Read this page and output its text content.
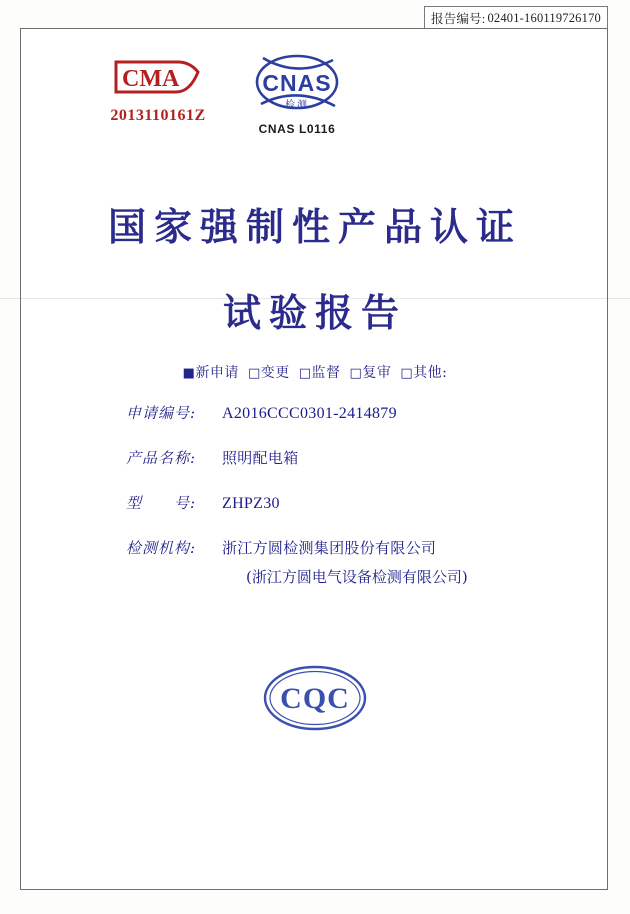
报告编号: 02401-160119726170
CMA
2013110161Z
CNAS
检测
CNAS L0116
国家强制性产品认证
试验报告
■新申请 □变更 □监督 □复审 □其他:
申请编号:	A2016CCC0301-2414879
产品名称:	照明配电箱
型　　号:	ZHPZ30
检测机构:	浙江方圆检测集团股份有限公司
(浙江方圆电气设备检测有限公司)
CQC
